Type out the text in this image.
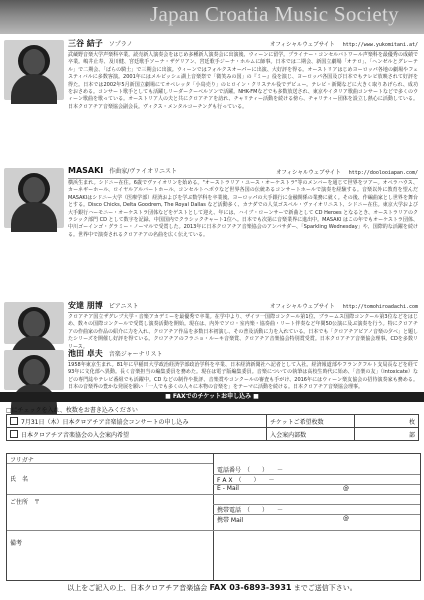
Japan Croatia Music Society
三谷 結子 ソプラノ	オフィシャルウェブサイト http://www.yukomitani.at/

武蔵野音楽大学声楽科卒業。読売新人演奏会をはじめ多種新人演奏会に出演後、ウィーンに留学。プライナー・コンセルバトワール声楽科を最優秀の成績で卒業。嶋井止寿、及川健、宮廷歌手ソーナ・ザゲリアン、宮廷歌手ジーナ・ホルムに師事。日本では二期会、新国立劇場「オテロ」、「ヘンゼルとグレーテル」で二期会、「ばらの騎士」で三期会に出演。ウィーンではフォルクスオーパーに出演、大好評を得る。オーストリアはじめヨーロッパ各地の劇場やフェスティバルに多数客演。2001年にはメルビッシュ湖上音楽祭で「微笑みの国」の『ミー』役を演じ、ヨーロッパ各国及び日本でもテレビ放映されて好評を得た。日本では2002年5月新国立劇場にてオペレッタ「小鳥売り」のヒロイン・クリステル役でデビュー。テレビ・新聞などに大きく取りあげられ、成功をおさめる。コンサート歌手としても活躍しリーダークーベルソンで活躍。NHK-FMなどでも多数放送され、東京やイタリア歌曲コンサートなどで多くのウィーン歌曲を歌っている。オーストリア人の夫と共にクロアチアを訪れ、チャリティー活動を続ける傍ら、チャリティー団体を設立し熱心に活動している。日本クロアチア音楽協会副会長。ヴィクス・メンタルコーチングも行っている。

MASAKI 作曲家/ヴァイオリニスト	オフィシャルウェブサイト http://doolooiapan.com/

横浜生まれ。シドニー在住。6歳でヴァイオリンを始める。"オーストラリア・ユース・オーケストラ"等のメンバーを通じて世界をツアー。オペラハウス、カーネギーホール、ロイヤルアルバートホール、コンセルトヘボウなど世界各国の伝統あるコンサートホールで演奏を経験する。音楽以外に教育を望んだMASAKIはシドニー大学（医療学部）経済およびを学ぶ数学科を卒業後、ヨーロッパの大手銀行に金融関係の業務に就く。その後、作編曲家とし世界を舞台とする。Disco Chicks, Delta Goodrem, The Royal Dallas など活動多く、カナダでの人気ゴスペル・ヴァイオリニスト、シドニー在住。東京大学および大手銀行ハーモニー・オーケストラ団体などをゲストとして迎え、年には、ハイブ・ローンサーで新曲として CD Heroes となるとき、オーストラリアのクラシック部門 CD として数字を記録、中国国内でクラシックチャート1位へ。日本でも次第に音楽業界に進出中。MASAKI はこの年でもオーケストラ団体、中川ゴーインゴ・グラミー・ノーマルで受賞した。2013年に日本クロアチア音楽協会のアンバサダー、「Sparkling Wednesday」や、国際的な活躍を続ける。世界中で演奏されるクロアチアの名曲を広く伝えている。

安達 朋博 ピアニスト	オフィシャルウェブサイト http://tomohiroadachi.com

クロアチア国立ザグレブ大学・音楽アカデミーを最優秀で卒業。在学中より、ザイツ一国際コンクール第1位、ブラームス国際コンクール第3位などをはじめ、数々の国際コンクールで受賞し演奏活動を開始。現在は、内外でソロ・室内楽・協奏曲・リート伴奏など年間50公演に及ぶ演奏を行う。特にクロアチアの作曲家の作品の紹介に力を入れ、クロアチア作品を多数日本初演し、その普及活動に力を入れている。日本でも「クロアチアピアノ音楽の夕べ」と題したシリーズを開催し好評を得ている。クロアチアのフラニョ・ルーキ音楽賞、クロアチア音楽協会特別賞受賞。日本クロアチア音楽協会理事。CDを多数リリース。

池田 卓夫 音楽ジャーナリスト

1958年東京生まれ。81年に早稲田大学政治経済学部政治学科を卒業、日本経済新聞社へ記者として入社。経済報道部やフランクフルト支局長などを経て93年に文化部へ異動。長く音楽担当の編集委員を務めた。現在は電子版編集委員。音楽についての執筆は高校生時代に始め、「音楽の友」（intoxicate）などの専門誌やテレビ番組でも活躍中。CD などの制作や批評、音楽賞やコンクールの審査も手がけ、2016年にはウィーン楽友協会の招待演奏家も務める。日本の音楽界の豊かな発展を願い「一人でも多くの人々に本物の音楽を」をテーマに活動を続ける。日本クロアチア音楽協会理事。

■ FAXでのチケットお申し込み ■
□にチェックを入れ、枚数をお書き込みください
7月31日（木）日本クロアチア音楽協会コンサートの申し込み	チケットご希望枚数	枚
日本クロアチア音楽協会の入会案内希望	入会案内部数	部
フリガナ
氏　名
ご住所　〒
備考
電話番号　（　　）　　－
F A X　（　　）　　－
E - Mail	@
携帯電話　（　　）　　－
携帯 Mail	@
以上をご記入の上、日本クロアチア音楽協会 FAX 03-6893-3931 までご送信下さい。
